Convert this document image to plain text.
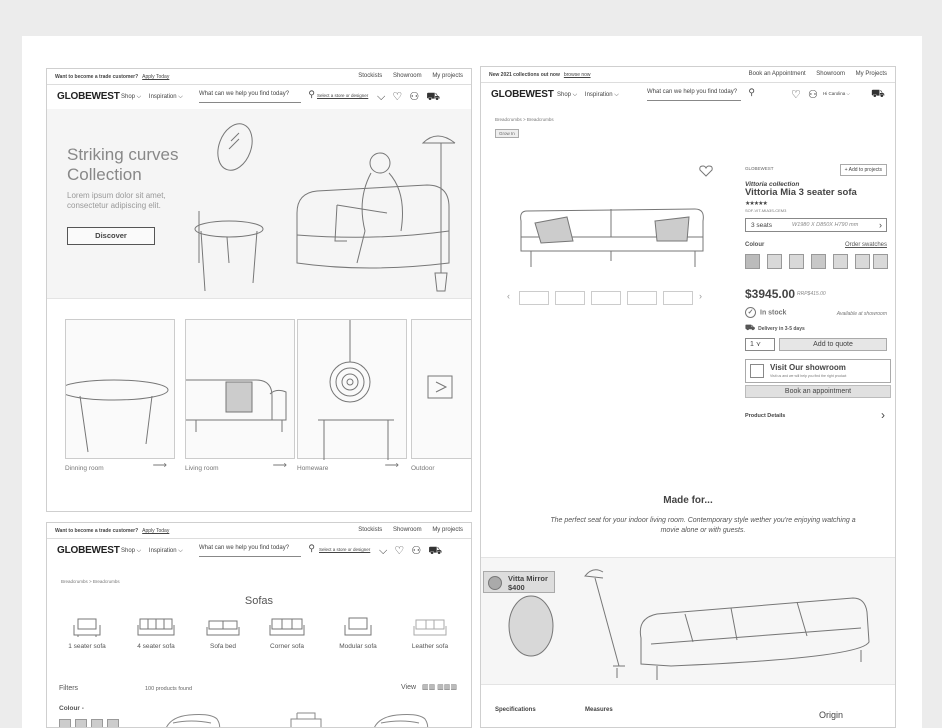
Want to become a trade customer? Apply Today	Stockists Showroom My projects
GLOBEWEST Shop ⌵ Inspiration ⌵	What can we help you find today? ⚲ Select a store or designer ⌵ ♡ ⚇ ⛟
Striking curves Collection

Lorem ipsum dolor sit amet, consectetur adipiscing elit.

Discover
Dinning room	⟶	Living room	⟶ Homeware	⟶ Outdoor
New 2021 collections out now browse now	Book an Appointment Showroom My Projects
GLOBEWEST Shop ⌵ Inspiration ⌵	What can we help you find today? ⚲	♡ ⚇ Hi Carolina ⌵ ⛟
Breadcrumbs > Breadcrumbs
Grow In
‹	›
GLOBEWEST	+ Add to projects
Vittoria collection
Vittoria Mia 3 seater sofa
★★★★★
SOF-VIT-MIA3S-CEM3
3 seats	W1980 X D850X H790 mm ›
Colour	Order swatches
$3945.00 RRP$415.00
✓ In stock	Available at showroom
⛟ Delivery in 3-5 days
1 ⋎	Add to quote
Visit Our showroom
Visit us and we will help you find the right product
Book an appointment
Product Details	›
Made for...
The perfect seat for your indoor living room. Contemporary style wether you're enjoying watching a movie alone or with guests.
Vitta Mirror
$400
Specifications	Measures	Origin
Want to become a trade customer? Apply Today	Stockists Showroom My projects
GLOBEWEST Shop ⌵ Inspiration ⌵	What can we help you find today? ⚲ Select a store or designer ⌵ ♡ ⚇ ⛟
Breadcrumbs > Breadcrumbs
Sofas
1 seater sofa	4 seater sofa	Sofa bed	Corner sofa	Modular sofa	Leather sofa
Filters	100 products found	View ▥▥ ▥▥▥
Colour -
